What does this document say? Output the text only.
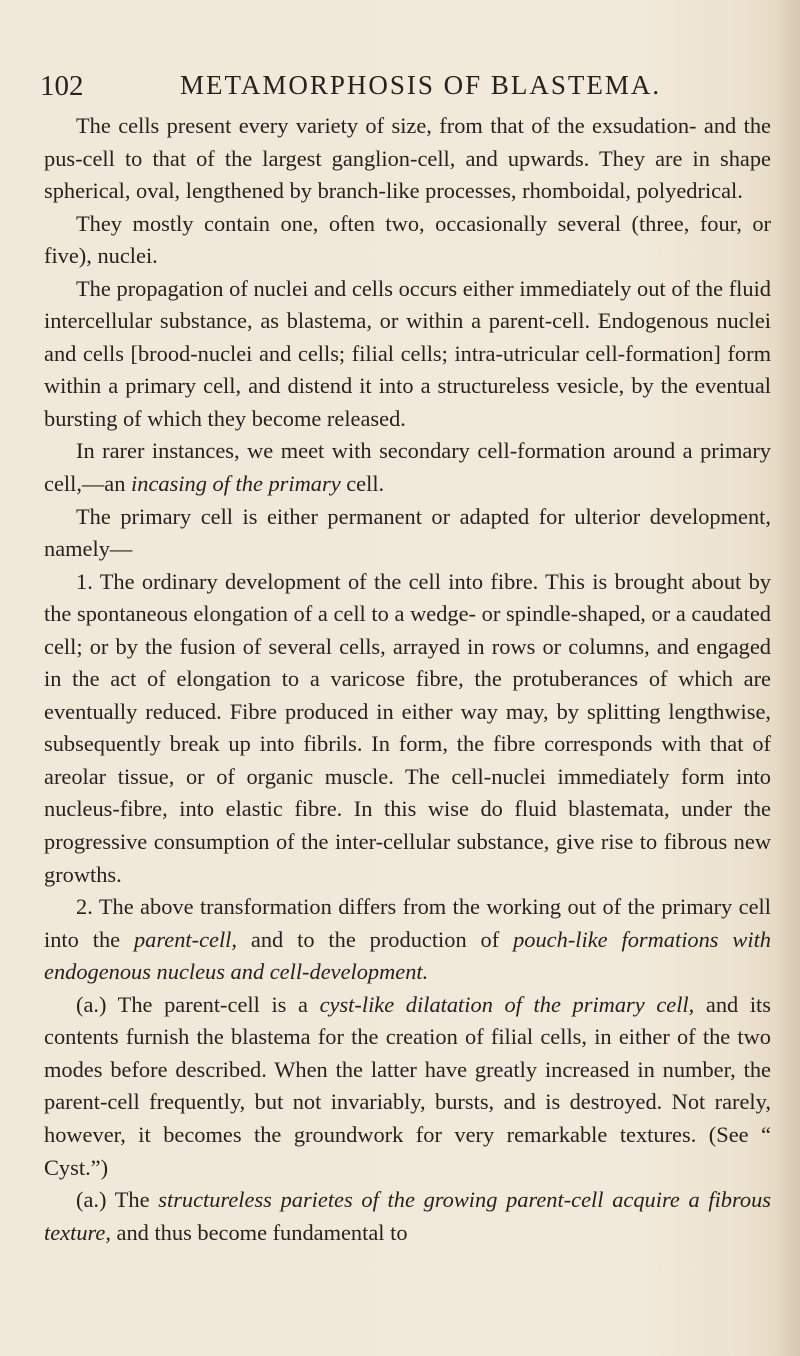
102	METAMORPHOSIS OF BLASTEMA.

The cells present every variety of size, from that of the exsudation- and the pus-cell to that of the largest ganglion-cell, and upwards. They are in shape spherical, oval, lengthened by branch-like processes, rhomboidal, polyedrical.

They mostly contain one, often two, occasionally several (three, four, or five), nuclei.

The propagation of nuclei and cells occurs either immediately out of the fluid intercellular substance, as blastema, or within a parent-cell. Endogenous nuclei and cells [brood-nuclei and cells; filial cells; intra-utricular cell-formation] form within a primary cell, and distend it into a structureless vesicle, by the eventual bursting of which they become released.

In rarer instances, we meet with secondary cell-formation around a primary cell,—an incasing of the primary cell.

The primary cell is either permanent or adapted for ulterior development, namely—

1. The ordinary development of the cell into fibre. This is brought about by the spontaneous elongation of a cell to a wedge- or spindle-shaped, or a caudated cell; or by the fusion of several cells, arrayed in rows or columns, and engaged in the act of elongation to a varicose fibre, the protuberances of which are eventually reduced. Fibre produced in either way may, by splitting lengthwise, subsequently break up into fibrils. In form, the fibre corresponds with that of areolar tissue, or of organic muscle. The cell-nuclei immediately form into nucleus-fibre, into elastic fibre. In this wise do fluid blastemata, under the progressive consumption of the inter-cellular substance, give rise to fibrous new growths.

2. The above transformation differs from the working out of the primary cell into the parent-cell, and to the production of pouch-like formations with endogenous nucleus and cell-development.

(a.) The parent-cell is a cyst-like dilatation of the primary cell, and its contents furnish the blastema for the creation of filial cells, in either of the two modes before described. When the latter have greatly increased in number, the parent-cell frequently, but not invariably, bursts, and is destroyed. Not rarely, however, it becomes the groundwork for very remarkable textures. (See “ Cyst.”)

(a.) The structureless parietes of the growing parent-cell acquire a fibrous texture, and thus become fundamental to
